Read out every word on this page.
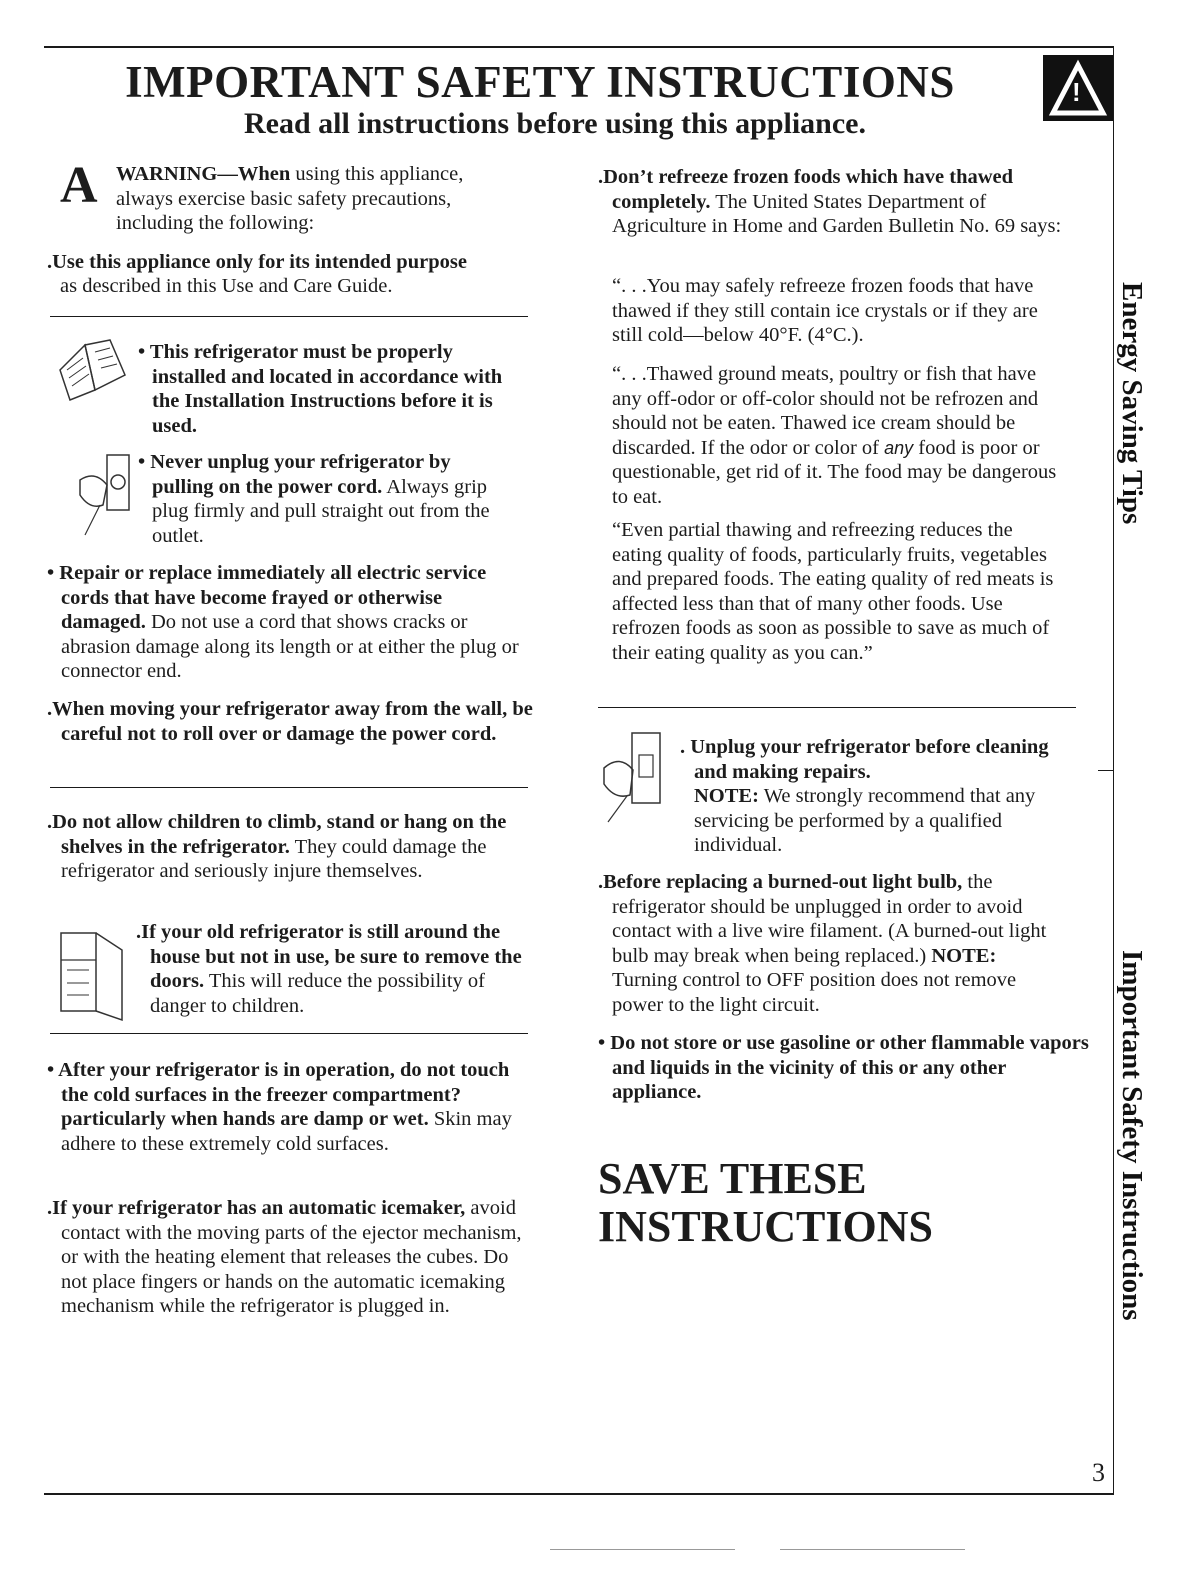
IMPORTANT SAFETY INSTRUCTIONS
Read all instructions before using this appliance.
!
A WARNING—When using this appliance, always exercise basic safety precautions, including the following:
.Use this appliance only for its intended purpose
as described in this Use and Care Guide.
• This refrigerator must be properly installed and located in accordance with the Installation Instructions before it is used.
• Never unplug your refrigerator by pulling on the power cord. Always grip plug firmly and pull straight out from the outlet.
• Repair or replace immediately all electric service cords that have become frayed or otherwise damaged. Do not use a cord that shows cracks or abrasion damage along its length or at either the plug or connector end.
.When moving your refrigerator away from the wall, be careful not to roll over or damage the power cord.
.Do not allow children to climb, stand or hang on the shelves in the refrigerator. They could damage the refrigerator and seriously injure themselves.
.If your old refrigerator is still around the house but not in use, be sure to remove the doors. This will reduce the possibility of danger to children.
• After your refrigerator is in operation, do not touch the cold surfaces in the freezer compartment? particularly when hands are damp or wet. Skin may adhere to these extremely cold surfaces.
.If your refrigerator has an automatic icemaker, avoid contact with the moving parts of the ejector mechanism, or with the heating element that releases the cubes. Do not place fingers or hands on the automatic icemaking mechanism while the refrigerator is plugged in.
.Don’t refreeze frozen foods which have thawed completely. The United States Department of Agriculture in Home and Garden Bulletin No. 69 says:
“. . .You may safely refreeze frozen foods that have thawed if they still contain ice crystals or if they are still cold—below 40°F. (4°C.).
“. . .Thawed ground meats, poultry or fish that have any off-odor or off-color should not be refrozen and should not be eaten. Thawed ice cream should be discarded. If the odor or color of any food is poor or questionable, get rid of it. The food may be dangerous to eat.
“Even partial thawing and refreezing reduces the eating quality of foods, particularly fruits, vegetables and prepared foods. The eating quality of red meats is affected less than that of many other foods. Use refrozen foods as soon as possible to save as much of their eating quality as you can.”
. Unplug your refrigerator before cleaning and making repairs.
NOTE: We strongly recommend that any servicing be performed by a qualified individual.
.Before replacing a burned-out light bulb, the refrigerator should be unplugged in order to avoid contact with a live wire filament. (A burned-out light bulb may break when being replaced.) NOTE: Turning control to OFF position does not remove power to the light circuit.
• Do not store or use gasoline or other flammable vapors and liquids in the vicinity of this or any other appliance.
SAVE THESE
INSTRUCTIONS
Energy Saving Tips
Important Safety Instructions
3
